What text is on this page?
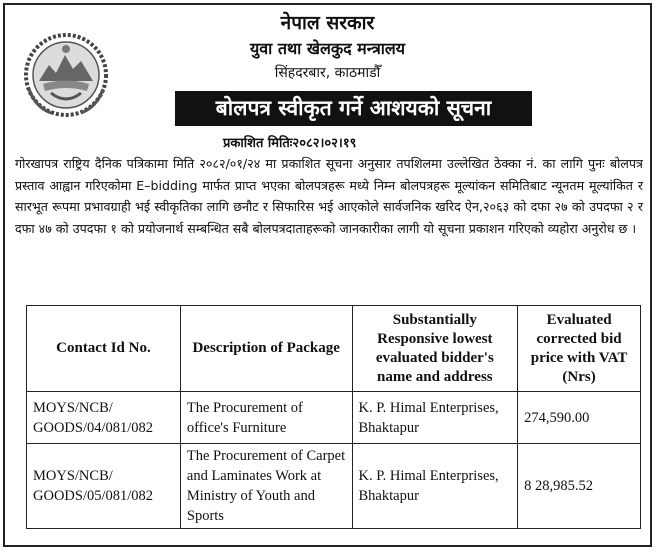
नेपाल सरकार
युवा तथा खेलकुद मन्त्रालय
सिंहदरबार, काठमाडौँ
बोलपत्र स्वीकृत गर्ने आशयको सूचना
प्रकाशित मितिः२०८२।०२।१९

गोरखापत्र राष्ट्रिय दैनिक पत्रिकामा मिति २०८२/०१/२४ मा प्रकाशित सूचना अनुसार तपशिलमा उल्लेखित ठेक्का नं. का लागि पुनः बोलपत्र प्रस्ताव आह्वान गरिएकोमा E–bidding मार्फत प्राप्त भएका बोलपत्रहरू मध्ये निम्न बोलपत्रहरू मूल्यांकन समितिबाट न्यूनतम मूल्यांकित र सारभूत रूपमा प्रभावग्राही भई स्वीकृतिका लागि छनौट र सिफारिस भई आएकोले सार्वजनिक खरिद ऐन,२०६३ को दफा २७ को उपदफा २ र दफा ४७ को उपदफा १ को प्रयोजनार्थ सम्बन्धित सबै बोलपत्रदाताहरूको जानकारीका लागी यो सूचना प्रकाशन गरिएको व्यहोरा अनुरोध छ ।

Contact Id No.	Description of Package	Substantially Responsive lowest evaluated bidder's name and address	Evaluated corrected bid price with VAT (Nrs)
MOYS/NCB/ GOODS/04/081/082	The Procurement of office's Furniture	K. P. Himal Enterprises, Bhaktapur	274,590.00
MOYS/NCB/ GOODS/05/081/082	The Procurement of Carpet and Laminates Work at Ministry of Youth and Sports	K. P. Himal Enterprises, Bhaktapur	8 28,985.52
